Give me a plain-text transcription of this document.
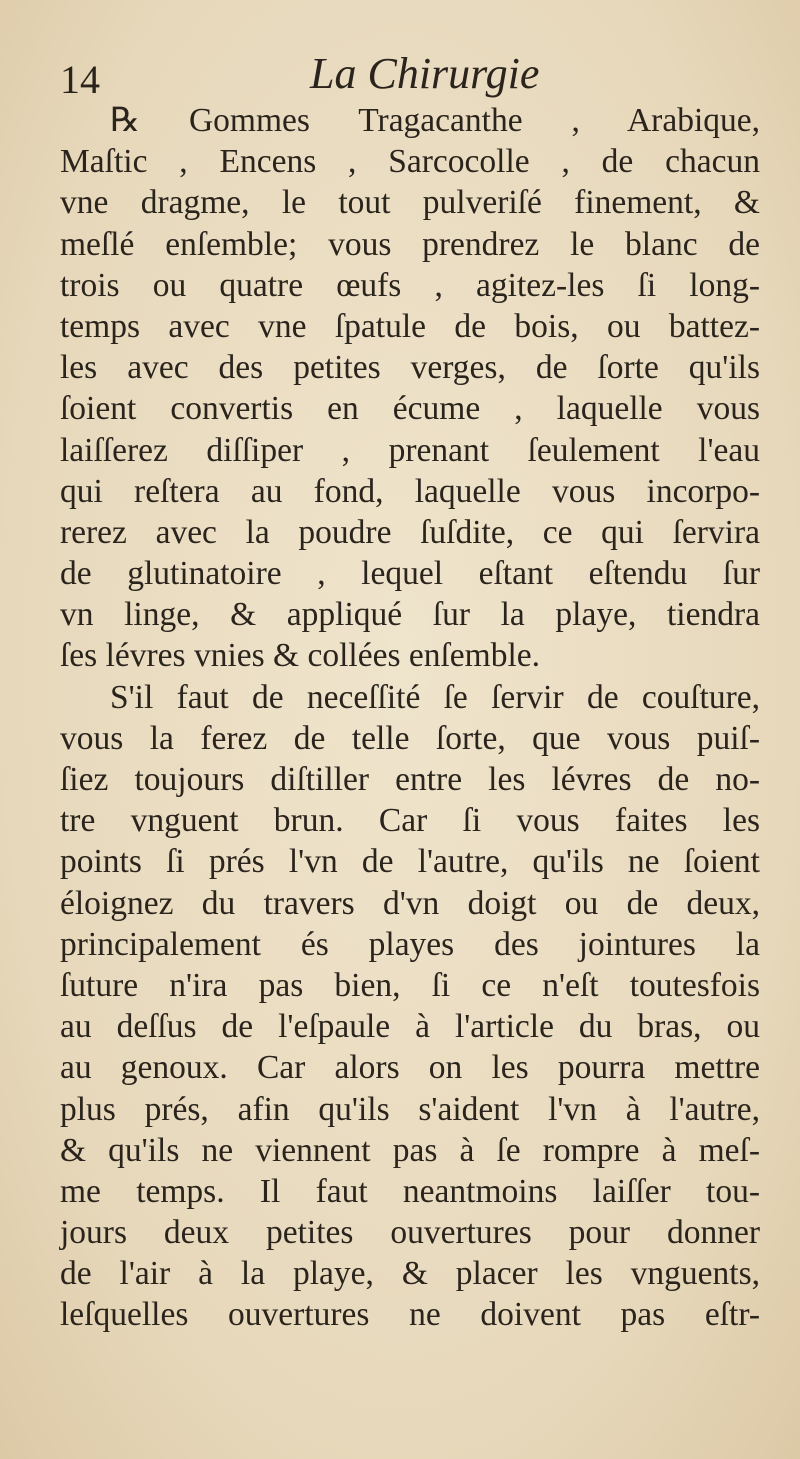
14	La Chirurgie
℞ Gommes Tragacanthe , Arabique,
Maſtic , Encens , Sarcocolle , de chacun
vne dragme, le tout pulveriſé finement, &
meſlé enſemble; vous prendrez le blanc de
trois ou quatre œufs , agitez-les ſi long-
temps avec vne ſpatule de bois, ou battez-
les avec des petites verges, de ſorte qu'ils
ſoient convertis en écume , laquelle vous
laiſſerez diſſiper , prenant ſeulement l'eau
qui reſtera au fond, laquelle vous incorpo-
rerez avec la poudre ſuſdite, ce qui ſervira
de glutinatoire , lequel eſtant eſtendu ſur
vn linge, & appliqué ſur la playe, tiendra
ſes lévres vnies & collées enſemble.
S'il faut de neceſſité ſe ſervir de couſture,
vous la ferez de telle ſorte, que vous puiſ-
ſiez toujours diſtiller entre les lévres de no-
tre vnguent brun. Car ſi vous faites les
points ſi prés l'vn de l'autre, qu'ils ne ſoient
éloignez du travers d'vn doigt ou de deux,
principalement és playes des jointures la
ſuture n'ira pas bien, ſi ce n'eſt toutesfois
au deſſus de l'eſpaule à l'article du bras, ou
au genoux. Car alors on les pourra mettre
plus prés, afin qu'ils s'aident l'vn à l'autre,
& qu'ils ne viennent pas à ſe rompre à meſ-
me temps. Il faut neantmoins laiſſer tou-
jours deux petites ouvertures pour donner
de l'air à la playe, & placer les vnguents,
leſquelles ouvertures ne doivent pas eſtr-
